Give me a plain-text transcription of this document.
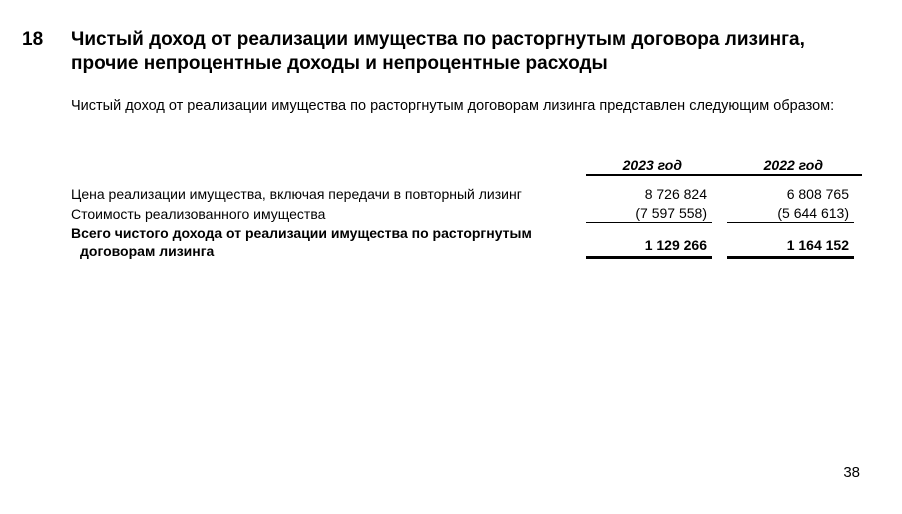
18 Чистый доход от реализации имущества по расторгнутым договора лизинга, прочие непроцентные доходы и непроцентные расходы
Чистый доход от реализации имущества по расторгнутым договорам лизинга представлен следующим образом:
2023 год	2022 год
Цена реализации имущества, включая передачи в повторный лизинг	8 726 824	6 808 765
Стоимость реализованного имущества	(7 597 558)	(5 644 613)
Всего чистого дохода от реализации имущества по расторгнутым
договорам лизинга	1 129 266	1 164 152
38
